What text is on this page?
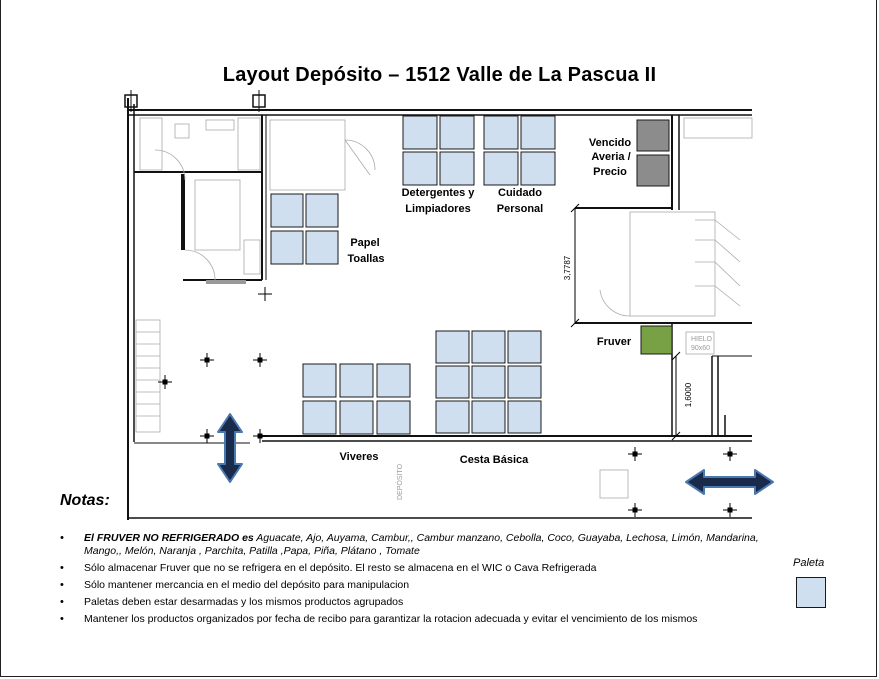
Layout Depósito – 1512 Valle de La Pascua II
3,7787
1,6000
HIELO
90x60
DEPÓSITO
Vencido
Averia /
Precio
Detergentes y
Limpiadores
Cuidado
Personal
Papel
Toallas
Fruver
Viveres	Cesta Básica
Notas:
• El FRUVER NO REFRIGERADO es Aguacate, Ajo, Auyama, Cambur,, Cambur manzano, Cebolla, Coco, Guayaba, Lechosa, Limón, Mandarina, Mango,, Melón, Naranja , Parchita, Patilla ,Papa, Piña, Plátano , Tomate
• Sólo almacenar Fruver que no se refrigera en el depósito. El resto se almacena en el WIC o Cava Refrigerada
• Sólo mantener mercancia en el medio del depósito para manipulacion
• Paletas deben estar desarmadas y los mismos productos agrupados
• Mantener los productos organizados por fecha de recibo para garantizar la rotacion adecuada y evitar el vencimiento de los mismos
Paleta
